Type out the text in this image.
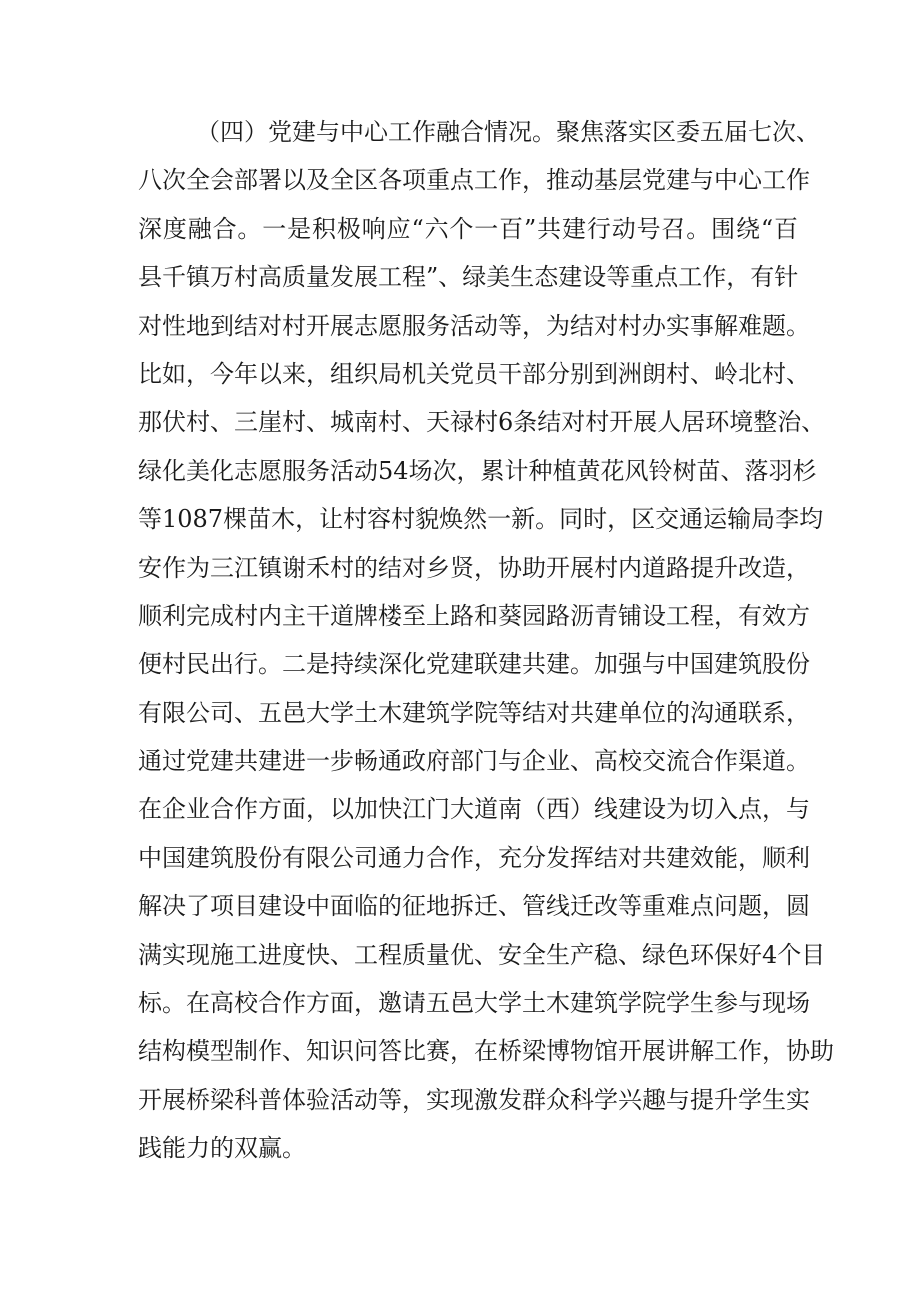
（四）党建与中心工作融合情况。聚焦落实区委五届七次、
八次全会部署以及全区各项重点工作，推动基层党建与中心工作
深度融合。一是积极响应“六个一百”共建行动号召。围绕“百
县千镇万村高质量发展工程”、绿美生态建设等重点工作，有针
对性地到结对村开展志愿服务活动等，为结对村办实事解难题。
比如，今年以来，组织局机关党员干部分别到洲朗村、岭北村、
那伏村、三崖村、城南村、天禄村6条结对村开展人居环境整治、
绿化美化志愿服务活动54场次，累计种植黄花风铃树苗、落羽杉
等1087棵苗木，让村容村貌焕然一新。同时，区交通运输局李均
安作为三江镇谢禾村的结对乡贤，协助开展村内道路提升改造，
顺利完成村内主干道牌楼至上路和葵园路沥青铺设工程，有效方
便村民出行。二是持续深化党建联建共建。加强与中国建筑股份
有限公司、五邑大学土木建筑学院等结对共建单位的沟通联系，
通过党建共建进一步畅通政府部门与企业、高校交流合作渠道。
在企业合作方面，以加快江门大道南（西）线建设为切入点，与
中国建筑股份有限公司通力合作，充分发挥结对共建效能，顺利
解决了项目建设中面临的征地拆迁、管线迁改等重难点问题，圆
满实现施工进度快、工程质量优、安全生产稳、绿色环保好4个目
标。在高校合作方面，邀请五邑大学土木建筑学院学生参与现场
结构模型制作、知识问答比赛，在桥梁博物馆开展讲解工作，协助
开展桥梁科普体验活动等，实现激发群众科学兴趣与提升学生实
践能力的双赢。
